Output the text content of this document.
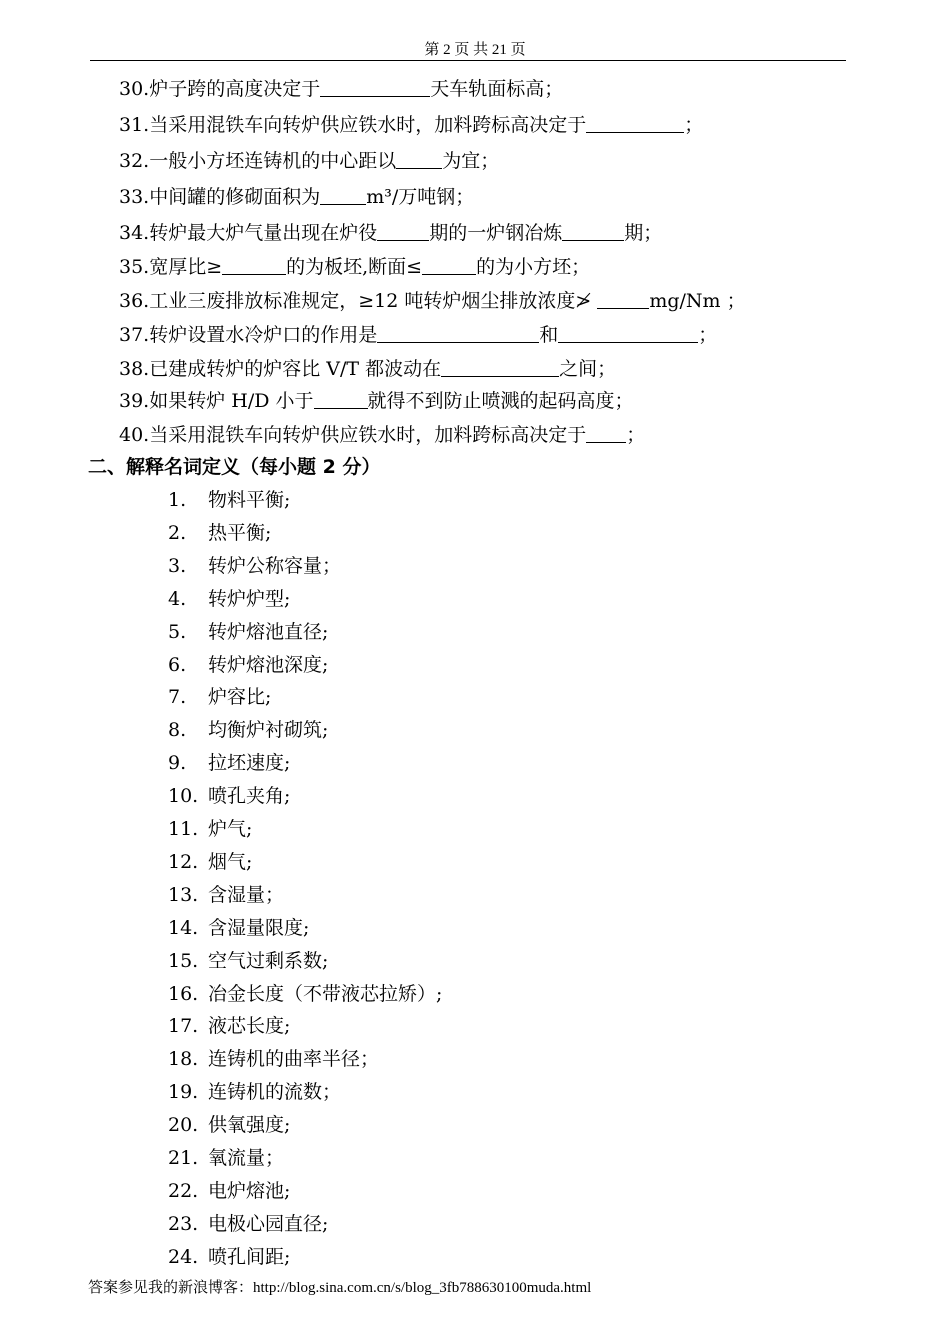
第 2 页 共 21 页
30.炉子跨的高度决定于	天车轨面标高；
31.当采用混铁车向转炉供应铁水时，加料跨标高决定于	；
32.一般小方坯连铸机的中心距以 为宜；
33.中间罐的修砌面积为 m³/万吨钢；
34.转炉最大炉气量出现在炉役	期的一炉钢冶炼	期；
35.宽厚比≥	的为板坯,断面≤	的为小方坯；
36.工业三废排放标准规定，≥12 吨转炉烟尘排放浓度≯	mg/Nm ；
37.转炉设置水冷炉口的作用是	和	；
38.已建成转炉的炉容比 V/T 都波动在	之间；
39.如果转炉 H/D 小于	就得不到防止喷溅的起码高度；
40.当采用混铁车向转炉供应铁水时，加料跨标高决定于 ；
二、解释名词定义（每小题 2 分）
1. 物料平衡;
2. 热平衡;
3. 转炉公称容量；
4. 转炉炉型;
5. 转炉熔池直径;
6. 转炉熔池深度;
7. 炉容比;
8. 均衡炉衬砌筑;
9. 拉坯速度;
10. 喷孔夹角;
11. 炉气;
12. 烟气;
13. 含湿量；
14. 含湿量限度;
15. 空气过剩系数;
16. 冶金长度（不带液芯拉矫）;
17. 液芯长度;
18. 连铸机的曲率半径；
19. 连铸机的流数；
20. 供氧强度;
21. 氧流量；
22. 电炉熔池;
23. 电极心园直径;
24. 喷孔间距;
答案参见我的新浪博客：http://blog.sina.com.cn/s/blog_3fb788630100muda.html
